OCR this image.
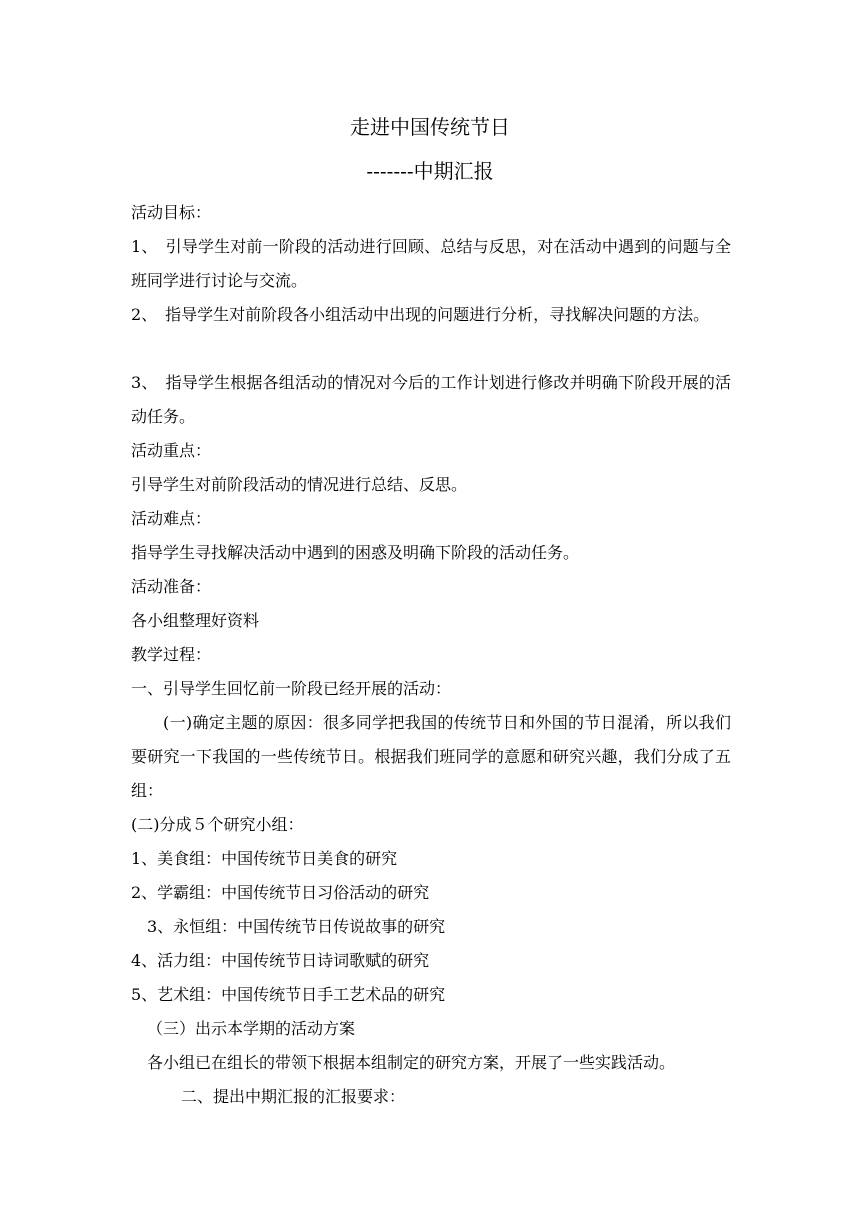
走进中国传统节日
-------中期汇报
活动目标：
1、　引导学生对前一阶段的活动进行回顾、总结与反思，对在活动中遇到的问题与全班同学进行讨论与交流。
2、　指导学生对前阶段各小组活动中出现的问题进行分析，寻找解决问题的方法。
3、　指导学生根据各组活动的情况对今后的工作计划进行修改并明确下阶段开展的活动任务。
活动重点：
引导学生对前阶段活动的情况进行总结、反思。
活动难点：
指导学生寻找解决活动中遇到的困惑及明确下阶段的活动任务。
活动准备：
各小组整理好资料
教学过程：
一、引导学生回忆前一阶段已经开展的活动：
(一)确定主题的原因：很多同学把我国的传统节日和外国的节日混淆，所以我们要研究一下我国的一些传统节日。根据我们班同学的意愿和研究兴趣，我们分成了五组：
(二)分成５个研究小组：
1、美食组：中国传统节日美食的研究
2、学霸组：中国传统节日习俗活动的研究
3、永恒组：中国传统节日传说故事的研究
4、活力组：中国传统节日诗词歌赋的研究
5、艺术组：中国传统节日手工艺术品的研究
（三）出示本学期的活动方案
各小组已在组长的带领下根据本组制定的研究方案，开展了一些实践活动。
二、提出中期汇报的汇报要求：
